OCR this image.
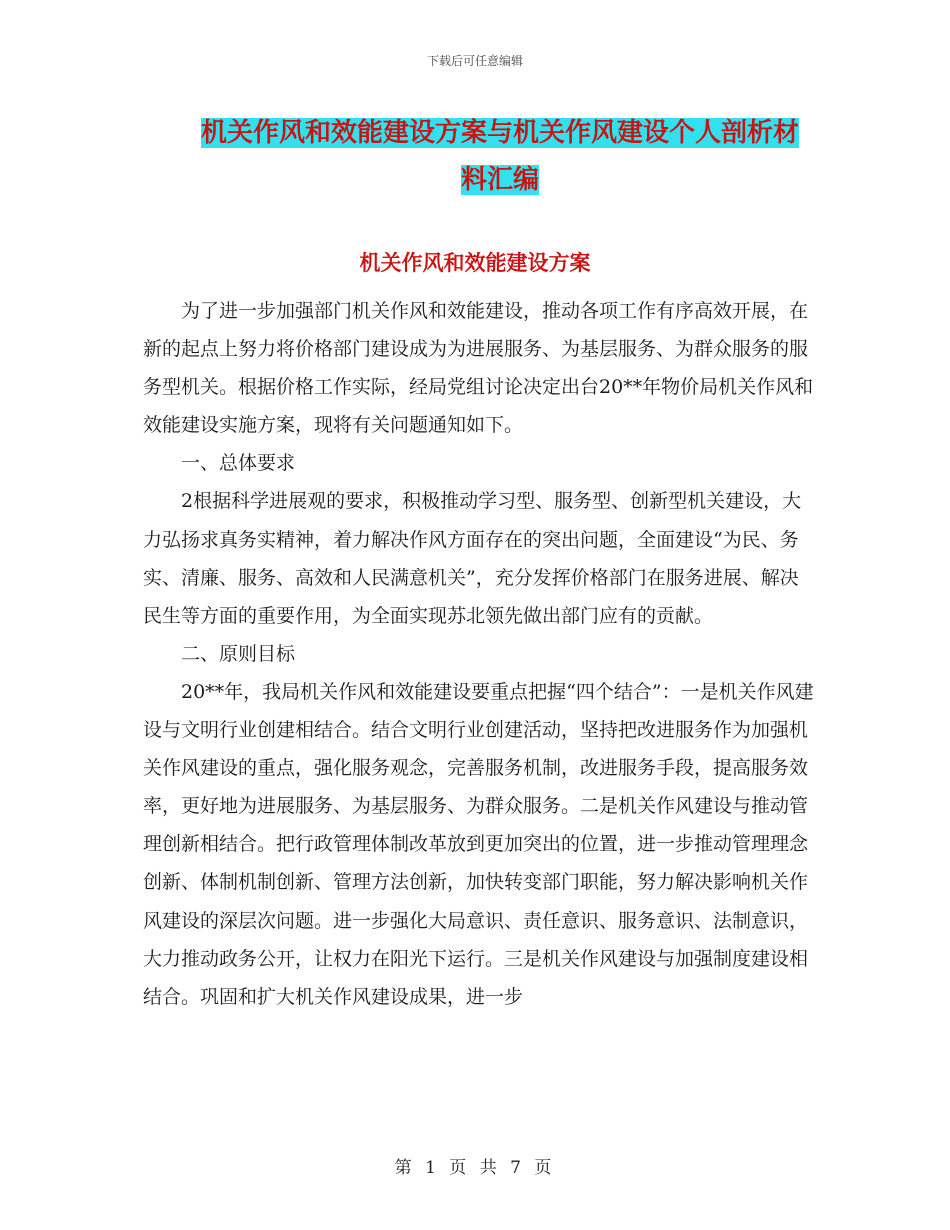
下载后可任意编辑
机关作风和效能建设方案与机关作风建设个人剖析材料汇编
机关作风和效能建设方案

为了进一步加强部门机关作风和效能建设，推动各项工作有序高效开展，在新的起点上努力将价格部门建设成为为进展服务、为基层服务、为群众服务的服务型机关。根据价格工作实际，经局党组讨论决定出台20**年物价局机关作风和效能建设实施方案，现将有关问题通知如下。

一、总体要求

2根据科学进展观的要求，积极推动学习型、服务型、创新型机关建设，大力弘扬求真务实精神，着力解决作风方面存在的突出问题，全面建设“为民、务实、清廉、服务、高效和人民满意机关”，充分发挥价格部门在服务进展、解决民生等方面的重要作用，为全面实现苏北领先做出部门应有的贡献。

二、原则目标

20**年，我局机关作风和效能建设要重点把握“四个结合”：一是机关作风建设与文明行业创建相结合。结合文明行业创建活动，坚持把改进服务作为加强机关作风建设的重点，强化服务观念，完善服务机制，改进服务手段，提高服务效率，更好地为进展服务、为基层服务、为群众服务。二是机关作风建设与推动管理创新相结合。把行政管理体制改革放到更加突出的位置，进一步推动管理理念创新、体制机制创新、管理方法创新，加快转变部门职能，努力解决影响机关作风建设的深层次问题。进一步强化大局意识、责任意识、服务意识、法制意识，大力推动政务公开，让权力在阳光下运行。三是机关作风建设与加强制度建设相结合。巩固和扩大机关作风建设成果，进一步

第 1 页 共 7 页
